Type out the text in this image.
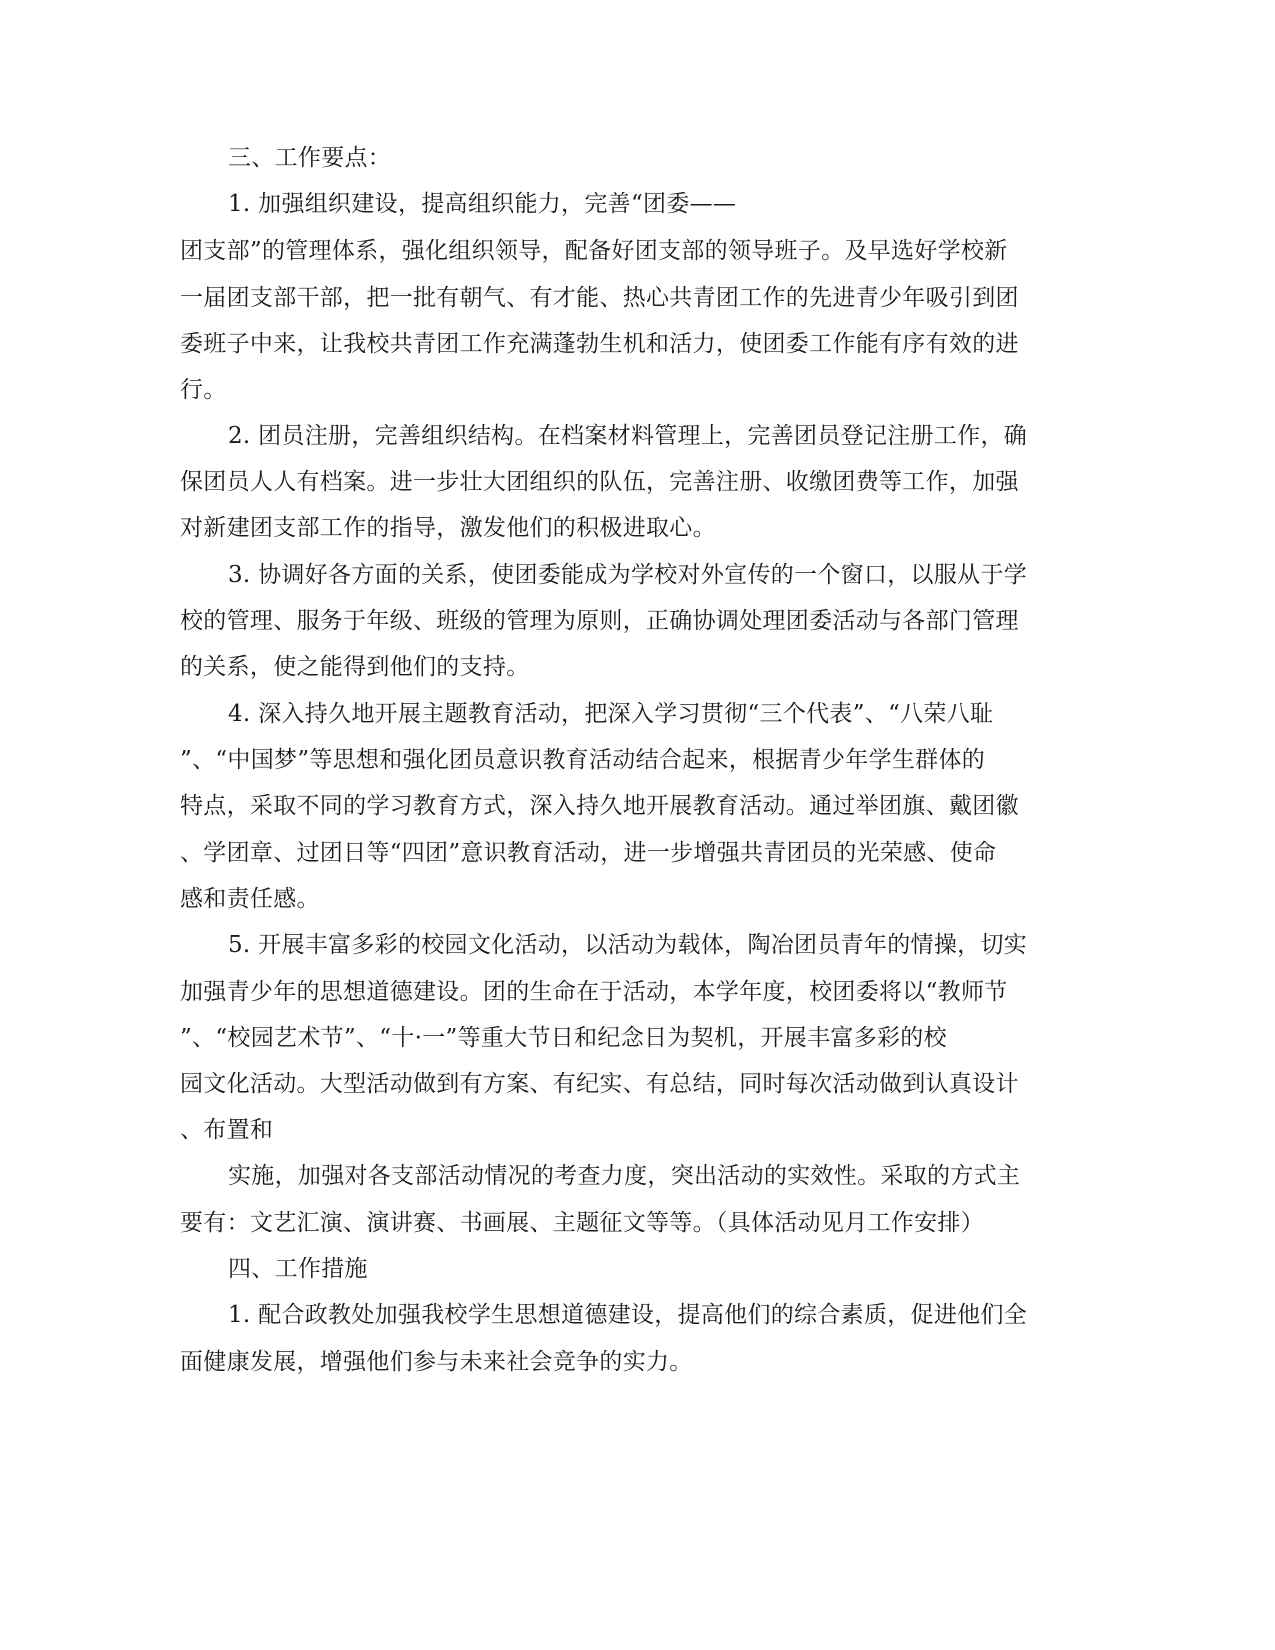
三、工作要点：

1. 加强组织建设，提高组织能力，完善“团委——

团支部”的管理体系，强化组织领导，配备好团支部的领导班子。及早选好学校新

一届团支部干部，把一批有朝气、有才能、热心共青团工作的先进青少年吸引到团

委班子中来，让我校共青团工作充满蓬勃生机和活力，使团委工作能有序有效的进

行。

2. 团员注册，完善组织结构。在档案材料管理上，完善团员登记注册工作，确

保团员人人有档案。进一步壮大团组织的队伍，完善注册、收缴团费等工作，加强

对新建团支部工作的指导，激发他们的积极进取心。

3. 协调好各方面的关系，使团委能成为学校对外宣传的一个窗口，以服从于学

校的管理、服务于年级、班级的管理为原则，正确协调处理团委活动与各部门管理

的关系，使之能得到他们的支持。

4. 深入持久地开展主题教育活动，把深入学习贯彻“三个代表”、“八荣八耻

”、“中国梦”等思想和强化团员意识教育活动结合起来，根据青少年学生群体的

特点，采取不同的学习教育方式，深入持久地开展教育活动。通过举团旗、戴团徽

、学团章、过团日等“四团”意识教育活动，进一步增强共青团员的光荣感、使命

感和责任感。

5. 开展丰富多彩的校园文化活动，以活动为载体，陶冶团员青年的情操，切实

加强青少年的思想道德建设。团的生命在于活动，本学年度，校团委将以“教师节

”、“校园艺术节”、“十·一”等重大节日和纪念日为契机，开展丰富多彩的校

园文化活动。大型活动做到有方案、有纪实、有总结，同时每次活动做到认真设计

、布置和

实施，加强对各支部活动情况的考查力度，突出活动的实效性。采取的方式主

要有：文艺汇演、演讲赛、书画展、主题征文等等。（具体活动见月工作安排）

四、工作措施

1. 配合政教处加强我校学生思想道德建设，提高他们的综合素质，促进他们全

面健康发展，增强他们参与未来社会竞争的实力。
